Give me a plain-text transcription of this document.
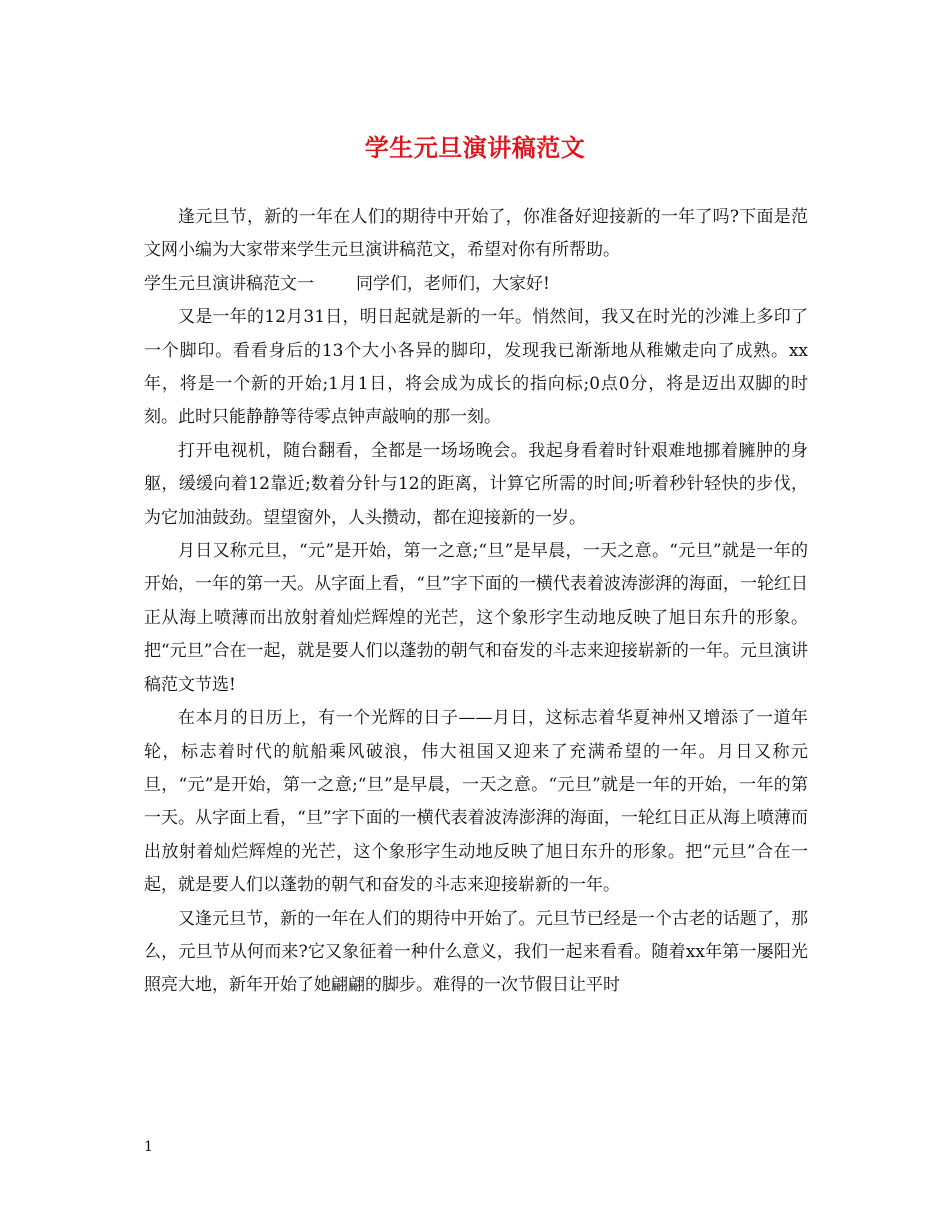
学生元旦演讲稿范文

逢元旦节，新的一年在人们的期待中开始了，你准备好迎接新的一年了吗?下面是范文网小编为大家带来学生元旦演讲稿范文，希望对你有所帮助。

学生元旦演讲稿范文一 同学们，老师们，大家好!

又是一年的12月31日，明日起就是新的一年。悄然间，我又在时光的沙滩上多印了一个脚印。看看身后的13个大小各异的脚印，发现我已渐渐地从稚嫩走向了成熟。xx年，将是一个新的开始;1月1日，将会成为成长的指向标;0点0分，将是迈出双脚的时刻。此时只能静静等待零点钟声敲响的那一刻。

打开电视机，随台翻看，全都是一场场晚会。我起身看着时针艰难地挪着臃肿的身躯，缓缓向着12靠近;数着分针与12的距离，计算它所需的时间;听着秒针轻快的步伐，为它加油鼓劲。望望窗外，人头攒动，都在迎接新的一岁。

月日又称元旦，“元”是开始，第一之意;“旦”是早晨，一天之意。“元旦”就是一年的开始，一年的第一天。从字面上看，“旦”字下面的一横代表着波涛澎湃的海面，一轮红日正从海上喷薄而出放射着灿烂辉煌的光芒，这个象形字生动地反映了旭日东升的形象。把“元旦”合在一起，就是要人们以蓬勃的朝气和奋发的斗志来迎接崭新的一年。元旦演讲稿范文节选!

在本月的日历上，有一个光辉的日子——月日，这标志着华夏神州又增添了一道年轮，标志着时代的航船乘风破浪，伟大祖国又迎来了充满希望的一年。月日又称元旦，“元”是开始，第一之意;“旦”是早晨，一天之意。“元旦”就是一年的开始，一年的第一天。从字面上看，“旦”字下面的一横代表着波涛澎湃的海面，一轮红日正从海上喷薄而出放射着灿烂辉煌的光芒，这个象形字生动地反映了旭日东升的形象。把“元旦”合在一起，就是要人们以蓬勃的朝气和奋发的斗志来迎接崭新的一年。

又逢元旦节，新的一年在人们的期待中开始了。元旦节已经是一个古老的话题了，那么，元旦节从何而来?它又象征着一种什么意义，我们一起来看看。随着xx年第一屡阳光照亮大地，新年开始了她翩翩的脚步。难得的一次节假日让平时

1
